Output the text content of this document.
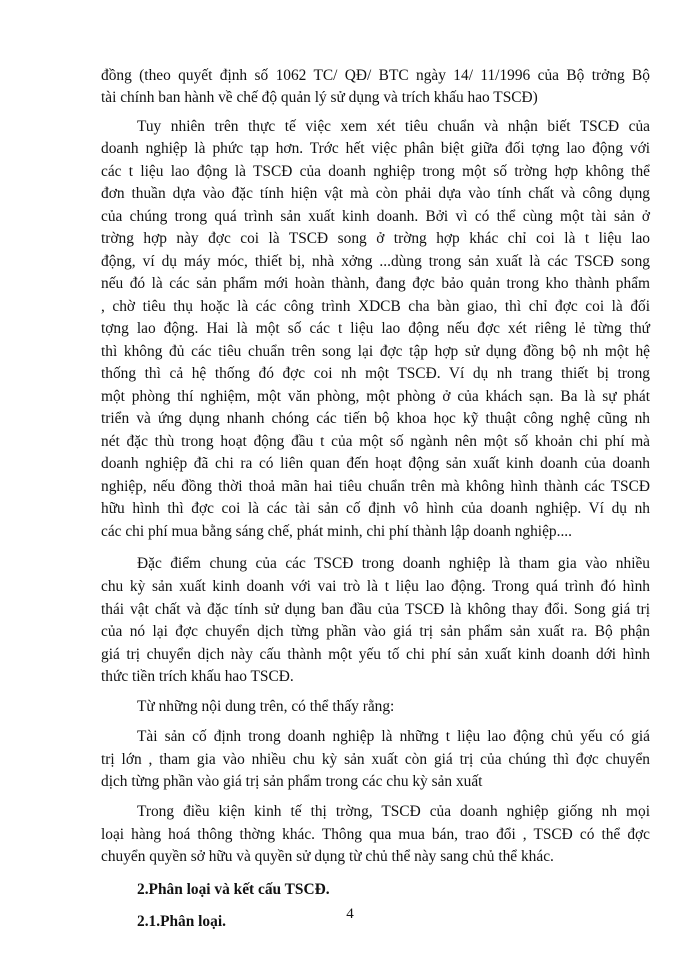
đồng (theo quyết định số 1062 TC/ QĐ/ BTC ngày 14/ 11/1996 của Bộ trởng Bộ
tài chính ban hành về chế độ quản lý sử dụng và trích khấu hao TSCĐ)
Tuy nhiên trên thực tế việc xem xét tiêu chuẩn và nhận biết TSCĐ của
doanh nghiệp là phức tạp hơn. Trớc hết việc phân biệt giữa đối tợng lao động với
các t liệu lao động là TSCĐ của doanh nghiệp trong một số trờng hợp không thể
đơn thuần dựa vào đặc tính hiện vật mà còn phải dựa vào tính chất và công dụng
của chúng trong quá trình sản xuất kinh doanh. Bởi vì có thể cùng một tài sản ở
trờng hợp này đợc coi là TSCĐ song ở trờng hợp khác chỉ coi là t liệu lao
động, ví dụ máy móc, thiết bị, nhà xởng ...dùng trong sản xuất là các TSCĐ song
nếu đó là các sản phẩm mới hoàn thành, đang đợc bảo quản trong kho thành phẩm
, chờ tiêu thụ hoặc là các công trình XDCB cha bàn giao, thì chỉ đợc coi là đối
tợng lao động. Hai là một số các t liệu lao động nếu đợc xét riêng lẻ từng thứ
thì không đủ các tiêu chuẩn trên song lại đợc tập hợp sử dụng đồng bộ nh một hệ
thống thì cả hệ thống đó đợc coi nh một TSCĐ. Ví dụ nh trang thiết bị trong
một phòng thí nghiệm, một văn phòng, một phòng ở của khách sạn. Ba là sự phát
triển và ứng dụng nhanh chóng các tiến bộ khoa học kỹ thuật công nghệ cũng nh
nét đặc thù trong hoạt động đầu t của một số ngành nên một số khoản chi phí mà
doanh nghiệp đã chi ra có liên quan đến hoạt động sản xuất kinh doanh của doanh
nghiệp, nếu đồng thời thoả mãn hai tiêu chuẩn trên mà không hình thành các TSCĐ
hữu hình thì đợc coi là các tài sản cố định vô hình của doanh nghiệp. Ví dụ nh
các chi phí mua bằng sáng chế, phát minh, chi phí thành lập doanh nghiệp....
Đặc điểm chung của các TSCĐ trong doanh nghiệp là tham gia vào nhiều
chu kỳ sản xuất kinh doanh với vai trò là t liệu lao động. Trong quá trình đó hình
thái vật chất và đặc tính sử dụng ban đầu của TSCĐ là không thay đổi. Song giá trị
của nó lại đợc chuyển dịch từng phần vào giá trị sản phẩm sản xuất ra. Bộ phận
giá trị chuyển dịch này cấu thành một yếu tố chi phí sản xuất kinh doanh dới hình
thức tiền trích khấu hao TSCĐ.
Từ những nội dung trên, có thể thấy rằng:
Tài sản cố định trong doanh nghiệp là những t liệu lao động chủ yếu có giá
trị lớn , tham gia vào nhiều chu kỳ sản xuất còn giá trị của chúng thì đợc chuyển
dịch từng phần vào giá trị sản phẩm trong các chu kỳ sản xuất
Trong điều kiện kinh tế thị trờng, TSCĐ của doanh nghiệp giống nh mọi
loại hàng hoá thông thờng khác. Thông qua mua bán, trao đổi , TSCĐ có thể đợc
chuyển quyền sở hữu và quyền sử dụng từ chủ thể này sang chủ thể khác.
2.Phân loại và kết cấu TSCĐ.
2.1.Phân loại.	4
